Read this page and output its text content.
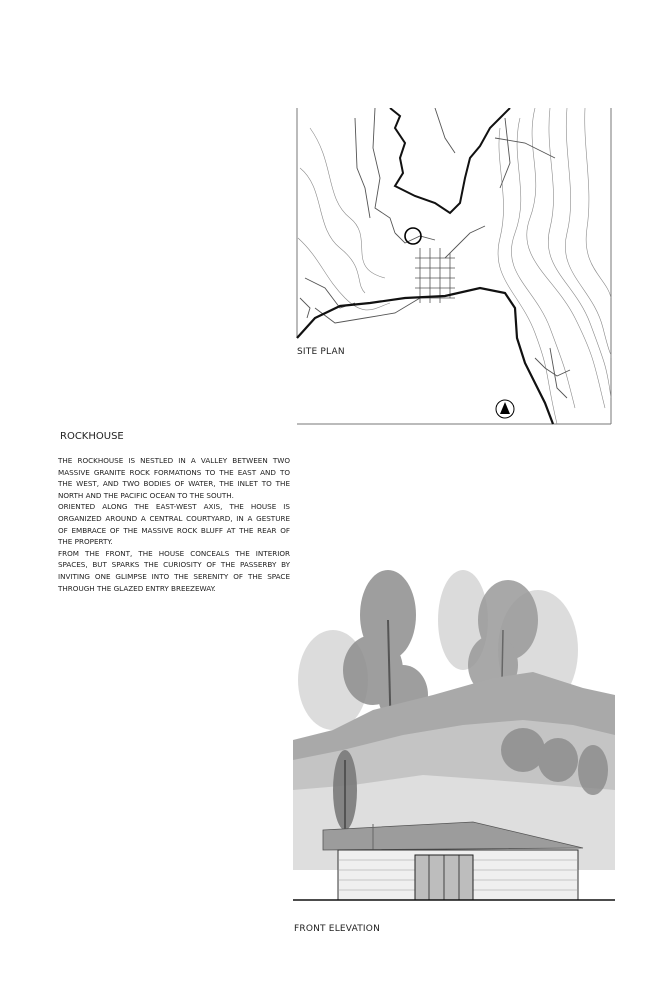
SITE PLAN
ROCKHOUSE

THE ROCKHOUSE IS NESTLED IN A VALLEY BETWEEN TWO MASSIVE GRANITE ROCK FORMATIONS TO THE EAST AND TO THE WEST, AND TWO BODIES OF WATER, THE INLET TO THE NORTH AND THE PACIFIC OCEAN TO THE SOUTH.

ORIENTED ALONG THE EAST-WEST AXIS, THE HOUSE IS ORGANIZED AROUND A CENTRAL COURTYARD, IN A GESTURE OF EMBRACE OF THE MASSIVE ROCK BLUFF AT THE REAR OF THE PROPERTY.

FROM THE FRONT, THE HOUSE CONCEALS THE INTERIOR SPACES, BUT SPARKS THE CURIOSITY OF THE PASSERBY BY INVITING ONE GLIMPSE INTO THE SERENITY OF THE SPACE THROUGH THE GLAZED ENTRY BREEZEWAY.

FRONT ELEVATION
